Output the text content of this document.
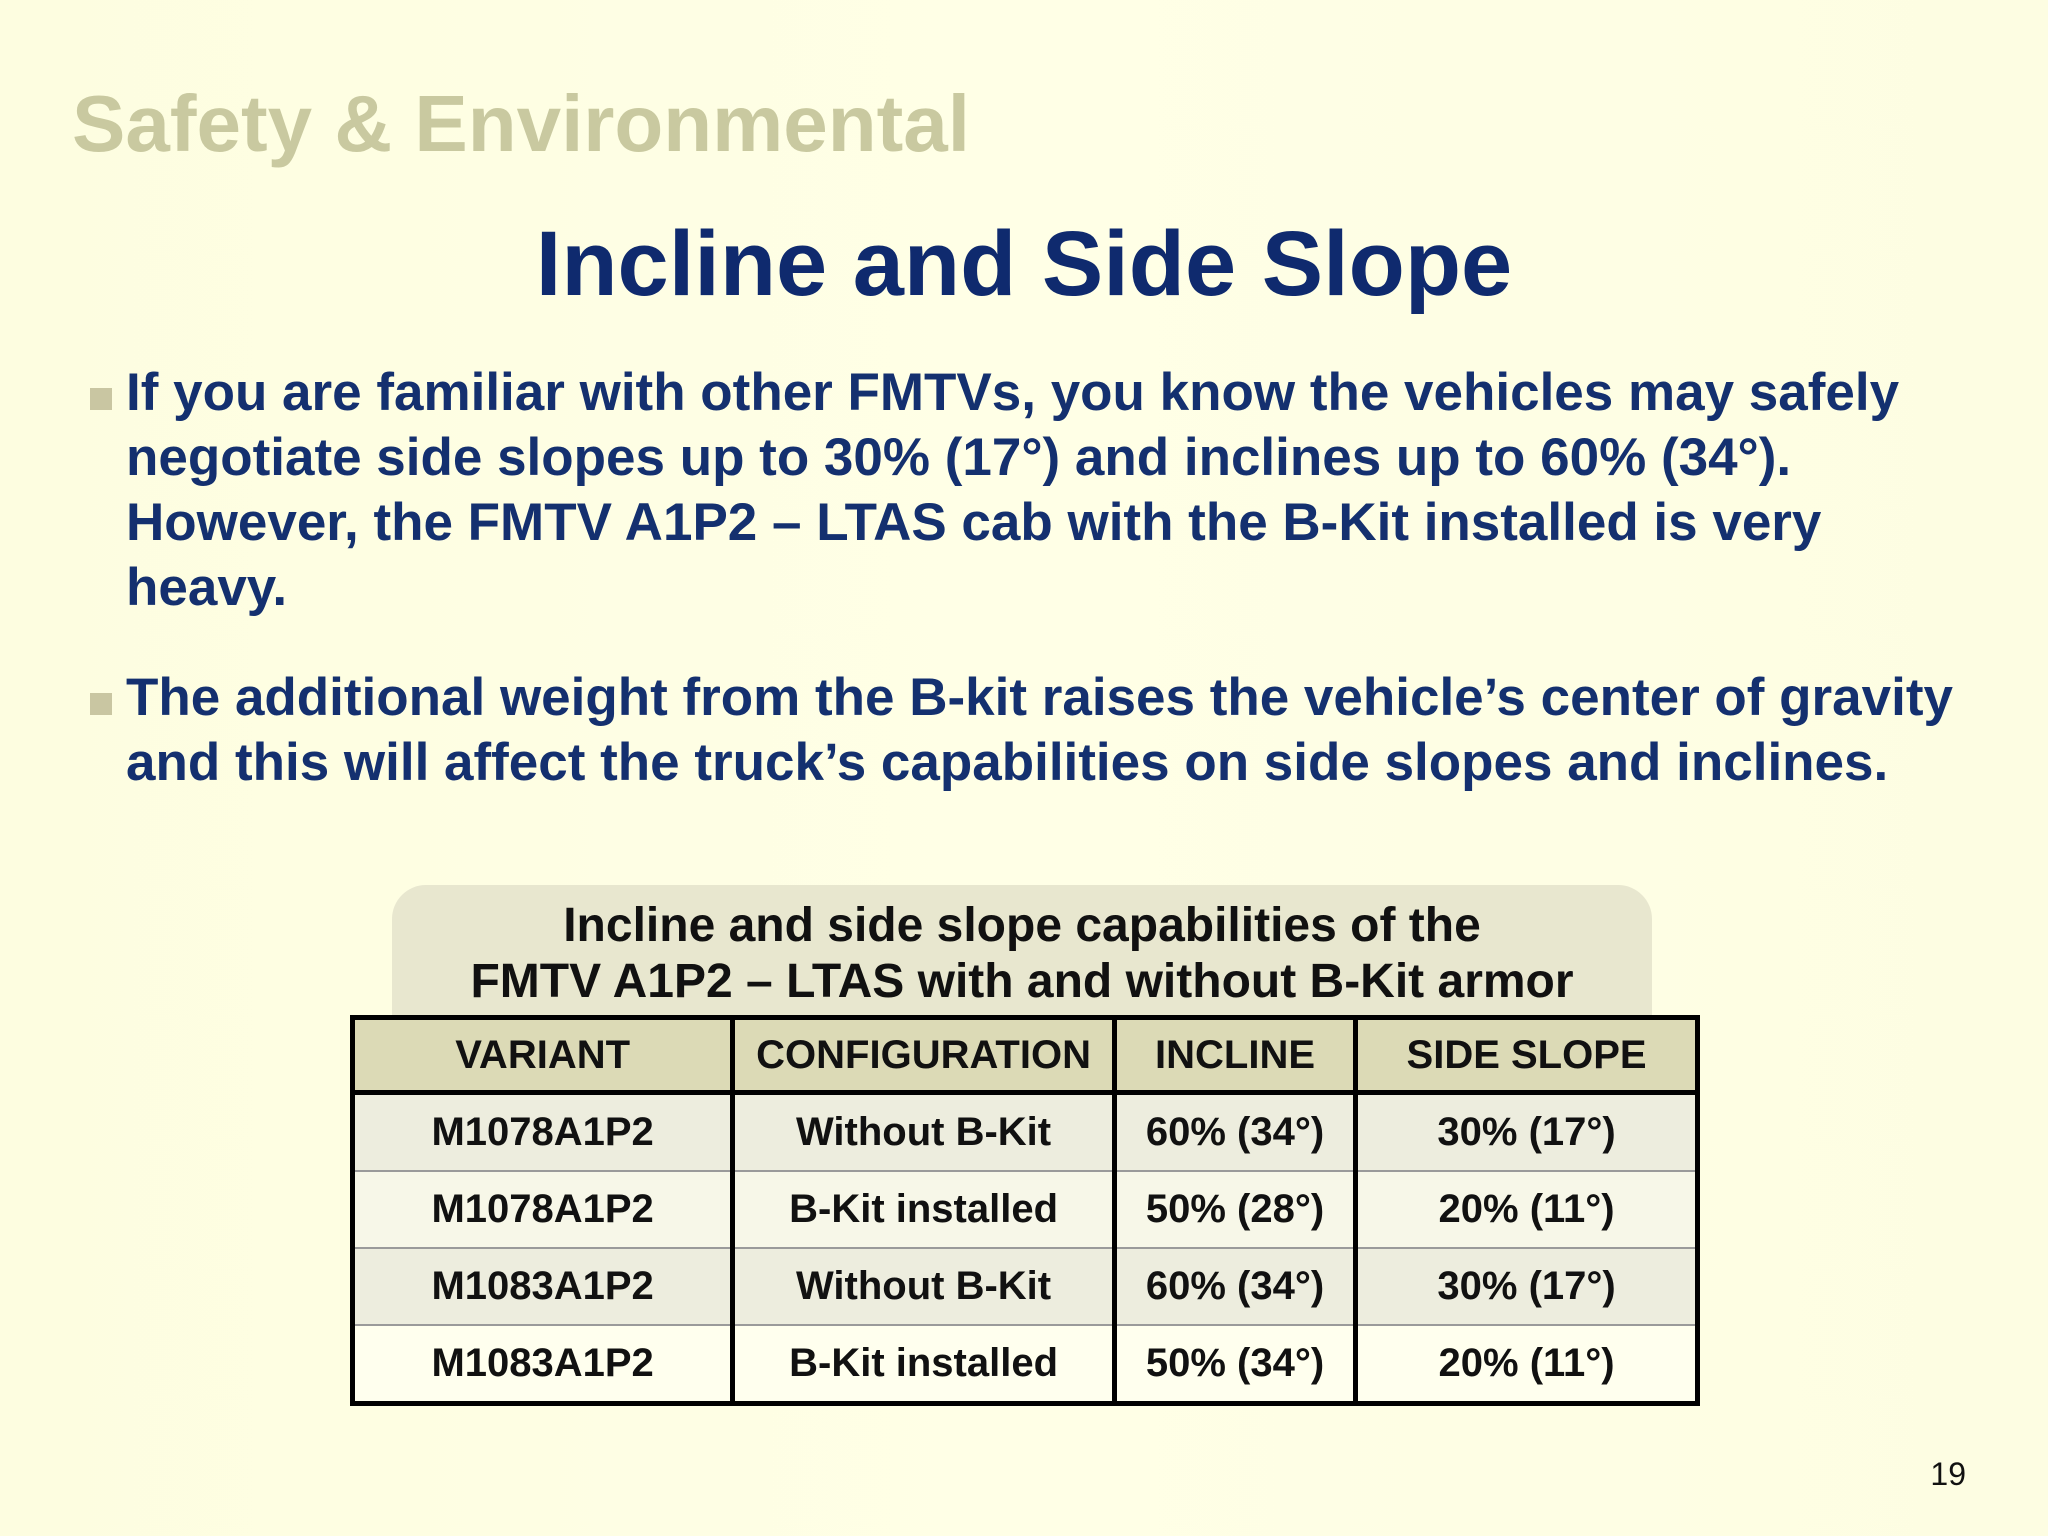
Safety & Environmental
Incline and Side Slope
If you are familiar with other FMTVs, you know the vehicles may safely negotiate side slopes up to 30% (17°) and inclines up to 60% (34°). However, the FMTV A1P2 – LTAS cab with the B-Kit installed is very heavy.
The additional weight from the B-kit raises the vehicle’s center of gravity and this will affect the truck’s capabilities on side slopes and inclines.
Incline and side slope capabilities of the
FMTV A1P2 – LTAS with and without B-Kit armor
VARIANT	CONFIGURATION	INCLINE	SIDE SLOPE
M1078A1P2	Without B-Kit	60% (34°)	30% (17°)
M1078A1P2	B-Kit installed	50% (28°)	20% (11°)
M1083A1P2	Without B-Kit	60% (34°)	30% (17°)
M1083A1P2	B-Kit installed	50% (34°)	20% (11°)
19
